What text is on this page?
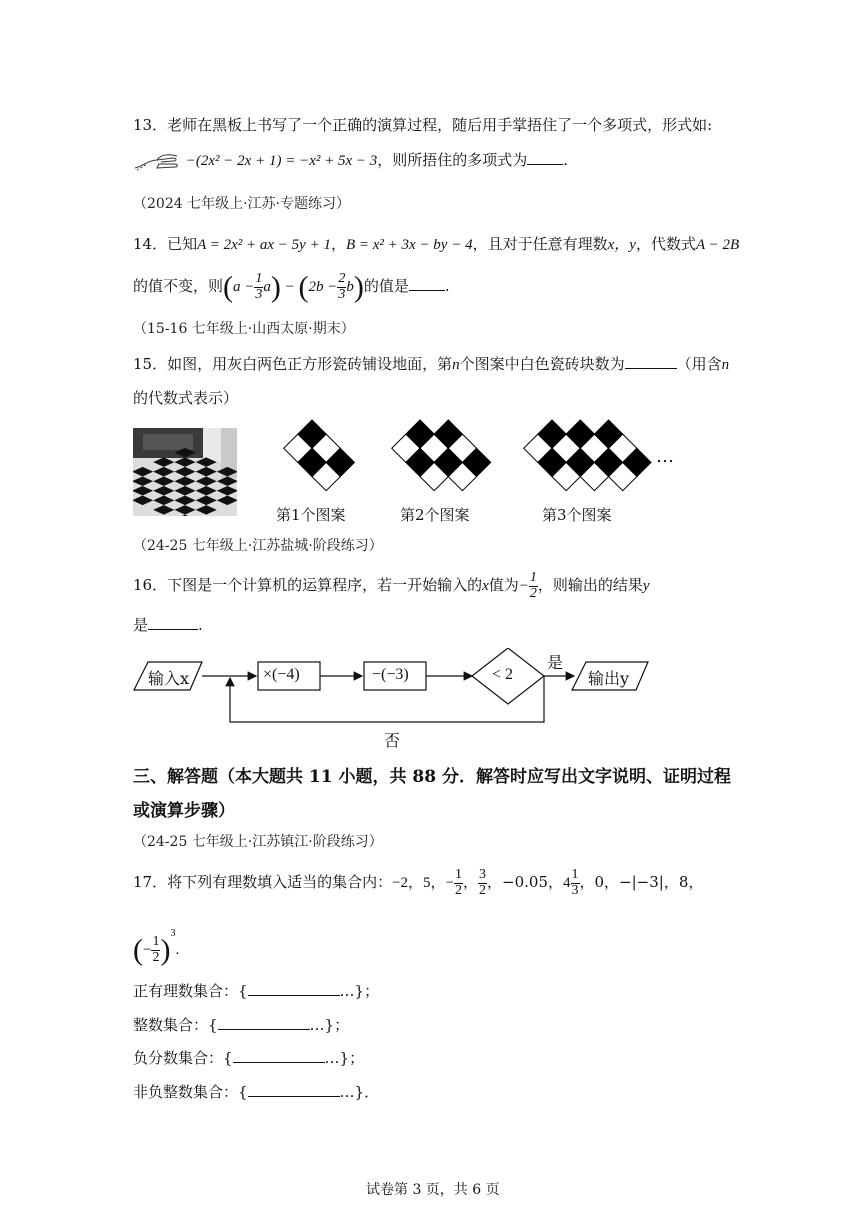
13．老师在黑板上书写了一个正确的演算过程，随后用手掌捂住了一个多项式，形式如:
−(2x² − 2x + 1) = −x² + 5x − 3，则所捂住的多项式为 .
（2024 七年级上·江苏·专题练习）
14．已知A = 2x² + ax − 5y + 1，B = x² + 3x − by − 4，且对于任意有理数x，y，代数式A − 2B
的值不变，则$(a - \frac{1}{3} a) - (2b - \frac{2}{3} b)$的值是 .
（15-16 七年级上·山西太原·期末）
15．如图，用灰白两色正方形瓷砖铺设地面，第n个图案中白色瓷砖块数为	（用含n
的代数式表示）
第1个图案	第2个图案	第3个图案
…
（24-25 七年级上·江苏盐城·阶段练习）
16．下图是一个计算机的运算程序，若一开始输入的x值为− $\frac{1}{2}$ ，则输出的结果y
是	.
输入x	×(−4)	−(−3)	< 2
是
输出y
否
三、解答题（本大题共 11 小题，共 88 分．解答时应写出文字说明、证明过程
或演算步骤）
（24-25 七年级上·江苏镇江·阶段练习）
17．将下列有理数填入适当的集合内：−2，5，− $\frac{1}{2}$ ， $\frac{3}{2}$ ，−0.05，$4 \frac{1}{3}$ ，0，−|−3|，8，
(− $\frac{1}{2} )^3$.
正有理数集合：{	…}；
整数集合：{	…}；
负分数集合：{	…}；
非负整数集合：{	…}．
试卷第 3 页，共 6 页
